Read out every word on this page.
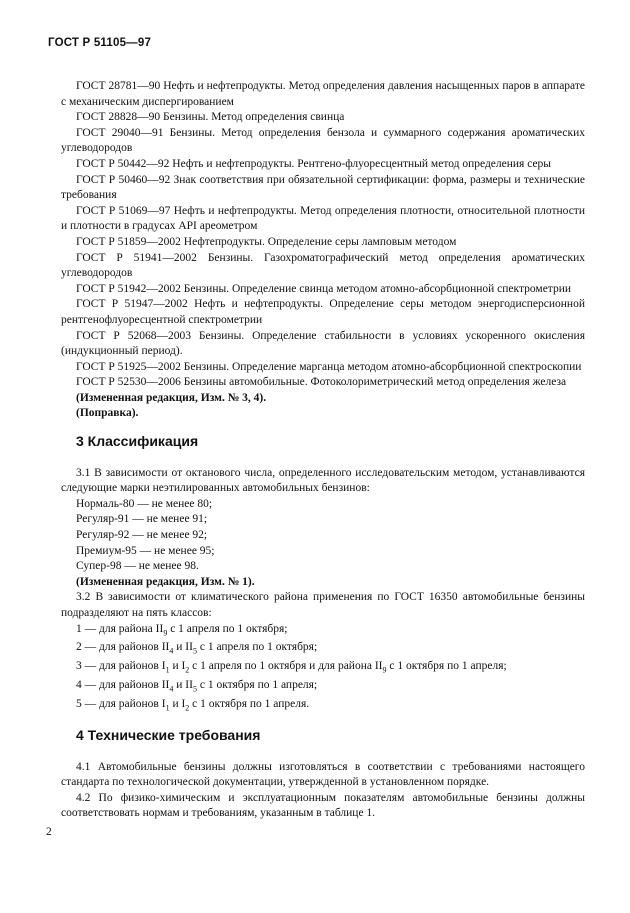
ГОСТ Р 51105—97

ГОСТ 28781—90 Нефть и нефтепродукты. Метод определения давления насыщенных паров в аппарате с механическим диспергированием

ГОСТ 28828—90 Бензины. Метод определения свинца

ГОСТ 29040—91 Бензины. Метод определения бензола и суммарного содержания ароматических углеводородов

ГОСТ Р 50442—92 Нефть и нефтепродукты. Рентгено-флуоресцентный метод определения серы

ГОСТ Р 50460—92 Знак соответствия при обязательной сертификации: форма, размеры и технические требования

ГОСТ Р 51069—97 Нефть и нефтепродукты. Метод определения плотности, относительной плотности и плотности в градусах API ареометром

ГОСТ Р 51859—2002 Нефтепродукты. Определение серы ламповым методом

ГОСТ Р 51941—2002 Бензины. Газохроматографический метод определения ароматических углеводородов

ГОСТ Р 51942—2002 Бензины. Определение свинца методом атомно-абсорбционной спектрометрии

ГОСТ Р 51947—2002 Нефть и нефтепродукты. Определение серы методом энергодисперсионной рентгенофлуоресцентной спектрометрии

ГОСТ Р 52068—2003 Бензины. Определение стабильности в условиях ускоренного окисления (индукционный период).

ГОСТ Р 51925—2002 Бензины. Определение марганца методом атомно-абсорбционной спектроскопии

ГОСТ Р 52530—2006 Бензины автомобильные. Фотоколориметрический метод определения железа

(Измененная редакция, Изм. № 3, 4).

(Поправка).

3 Классификация

3.1 В зависимости от октанового числа, определенного исследовательским методом, устанавливаются следующие марки неэтилированных автомобильных бензинов:

Нормаль-80 — не менее 80;

Регуляр-91 — не менее 91;

Регуляр-92 — не менее 92;

Премиум-95 — не менее 95;

Супер-98 — не менее 98.

(Измененная редакция, Изм. № 1).

3.2 В зависимости от климатического района применения по ГОСТ 16350 автомобильные бензины подразделяют на пять классов:

1 — для района $II_9$ с 1 апреля по 1 октября;

2 — для районов $II_4$ и $II_5$ с 1 апреля по 1 октября;

3 — для районов $I_1$ и $I_2$ с 1 апреля по 1 октября и для района $II_9$ с 1 октября по 1 апреля;

4 — для районов $II_4$ и $II_5$ с 1 октября по 1 апреля;

5 — для районов $I_1$ и $I_2$ с 1 октября по 1 апреля.

4 Технические требования

4.1 Автомобильные бензины должны изготовляться в соответствии с требованиями настоящего стандарта по технологической документации, утвержденной в установленном порядке.

4.2 По физико-химическим и эксплуатационным показателям автомобильные бензины должны соответствовать нормам и требованиям, указанным в таблице 1.

2
